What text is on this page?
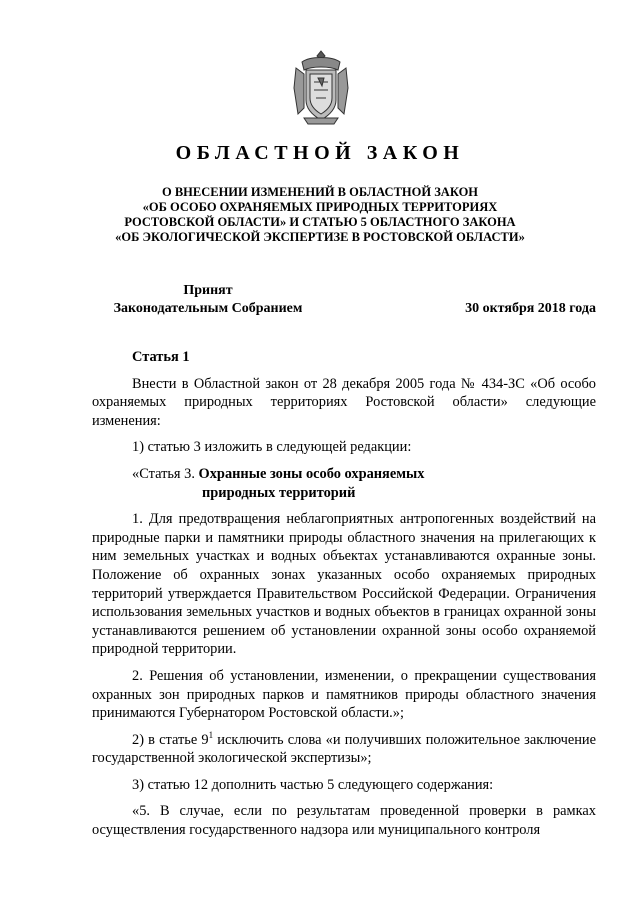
ОБЛАСТНОЙ ЗАКОН
О ВНЕСЕНИИ ИЗМЕНЕНИЙ В ОБЛАСТНОЙ ЗАКОН
«ОБ ОСОБО ОХРАНЯЕМЫХ ПРИРОДНЫХ ТЕРРИТОРИЯХ
РОСТОВСКОЙ ОБЛАСТИ» И СТАТЬЮ 5 ОБЛАСТНОГО ЗАКОНА
«ОБ ЭКОЛОГИЧЕСКОЙ ЭКСПЕРТИЗЕ В РОСТОВСКОЙ ОБЛАСТИ»
Принят
Законодательным Собранием	30 октября 2018 года
Статья 1

Внести в Областной закон от 28 декабря 2005 года № 434-ЗС «Об особо охраняемых природных территориях Ростовской области» следующие изменения:

1) статью 3 изложить в следующей редакции:

«Статья 3. Охранные зоны особо охраняемых
природных территорий

1. Для предотвращения неблагоприятных антропогенных воздействий на природные парки и памятники природы областного значения на прилегающих к ним земельных участках и водных объектах устанавливаются охранные зоны. Положение об охранных зонах указанных особо охраняемых природных территорий утверждается Правительством Российской Федерации. Ограничения использования земельных участков и водных объектов в границах охранной зоны устанавливаются решением об установлении охранной зоны особо охраняемой природной территории.

2. Решения об установлении, изменении, о прекращении существования охранных зон природных парков и памятников природы областного значения принимаются Губернатором Ростовской области.»;

2) в статье $9^1$ исключить слова «и получивших положительное заключение государственной экологической экспертизы»;

3) статью 12 дополнить частью 5 следующего содержания:

«5. В случае, если по результатам проведенной проверки в рамках осуществления государственного надзора или муниципального контроля
